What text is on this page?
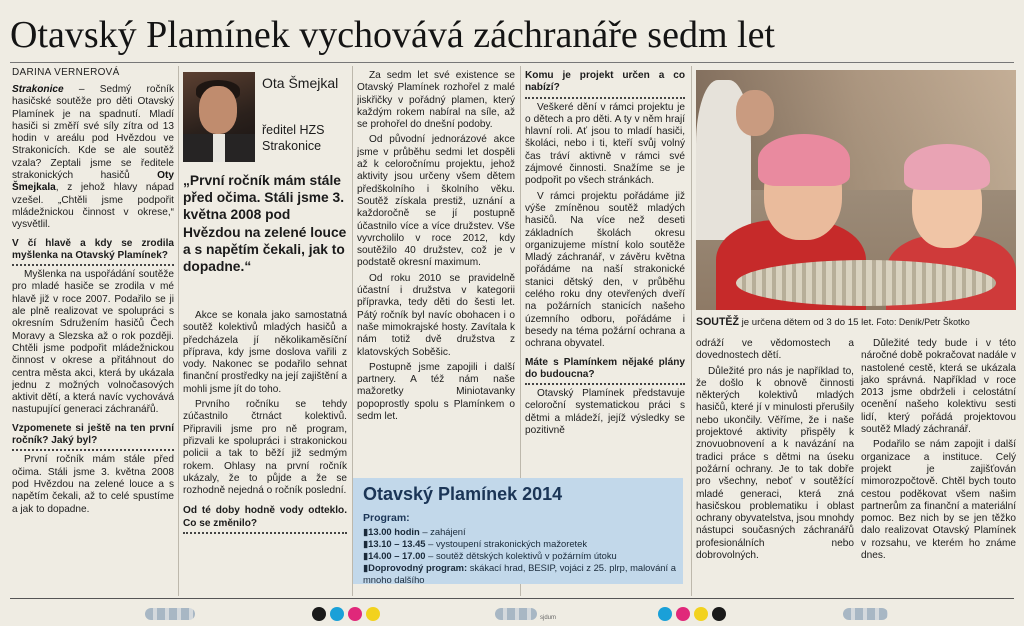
Otavský Plamínek vychovává záchranáře sedm let
DARINA VERNEROVÁ

Strakonice – Sedmý ročník hasičské soutěže pro děti Otavský Plamínek je na spadnutí. Mladí hasiči si změří své síly zítra od 13 hodin v areálu pod Hvězdou ve Strakonicích. Kde se ale soutěž vzala? Zeptali jsme se ředitele strakonických hasičů Oty Šmejkala, z jehož hlavy nápad vzešel. „Chtěli jsme podpořit mládežnickou činnost v okrese,“ vysvětlil.

V čí hlavě a kdy se zrodila myšlenka na Otavský Plamínek?

Myšlenka na uspořádání soutěže pro mladé hasiče se zrodila v mé hlavě již v roce 2007. Podařilo se ji ale plně realizovat ve spolupráci s okresním Sdružením hasičů Čech Moravy a Slezska až o rok později. Chtěli jsme podpořit mládežnickou činnost v okrese a přitáhnout do centra města akci, která by ukázala jednu z možných volnočasových aktivit dětí, a která navíc vychovává nastupující generaci záchranářů.

Vzpomenete si ještě na ten první ročník? Jaký byl?

První ročník mám stále před očima. Stáli jsme 3. května 2008 pod Hvězdou na zelené louce a s napětím čekali, až to celé spustíme a jak to dopadne.

Ota Šmejkal
ředitel HZS Strakonice
„První ročník mám stále před očima. Stáli jsme 3. května 2008 pod Hvězdou na zelené louce a s napětím čekali, jak to dopadne.“

Akce se konala jako samostatná soutěž kolektivů mladých hasičů a předcházela jí několikaměsíční příprava, kdy jsme doslova vařili z vody. Nakonec se podařilo sehnat finanční prostředky na její zajištění a mohli jsme jít do toho.

Prvního ročníku se tehdy zúčastnilo čtrnáct kolektivů. Připravili jsme pro ně program, přizvali ke spolupráci i strakonickou policii a tak to běží již sedmým rokem. Ohlasy na první ročník ukázaly, že to půjde a že se rozhodně nejedná o ročník poslední.

Od té doby hodně vody odteklo. Co se změnilo?

Za sedm let své existence se Otavský Plamínek rozhořel z malé jiskřičky v pořádný plamen, který každým rokem nabíral na síle, až se prohořel do dnešní podoby.

Od původní jednorázové akce jsme v průběhu sedmi let dospěli až k celoročnímu projektu, jehož aktivity jsou určeny všem dětem předškolního i školního věku. Soutěž získala prestiž, uznání a každoročně se jí postupně účastnilo více a více družstev. Vše vyvrcholilo v roce 2012, kdy soutěžilo 40 družstev, což je v podstatě okresní maximum.

Od roku 2010 se pravidelně účastní i družstva v kategorii přípravka, tedy děti do šesti let. Pátý ročník byl navíc obohacen i o naše mimokrajské hosty. Zavítala k nám totiž dvě družstva z klatovských Soběšic.

Postupně jsme zapojili i další partnery. A též nám naše mažoretky Miniotavanky popoprostly spolu s Plamínkem o sedm let.

Komu je projekt určen a co nabízí?

Veškeré dění v rámci projektu je o dětech a pro děti. A ty v něm hrají hlavní roli. Ať jsou to mladí hasiči, školáci, nebo i ti, kteří svůj volný čas tráví aktivně v rámci své zájmové činnosti. Snažíme se je podpořit po všech stránkách.

V rámci projektu pořádáme již výše zmíněnou soutěž mladých hasičů. Na více než deseti základních školách okresu organizujeme místní kolo soutěže Mladý záchranář, v závěru května pořádáme na naší strakonické stanici dětský den, v průběhu celého roku dny otevřených dveří na požárních stanicích našeho územního odboru, pořádáme i besedy na téma požární ochrana a ochrana obyvatel.

Máte s Plamínkem nějaké plány do budoucna?

Otavský Plamínek představuje celoroční systematickou práci s dětmi a mládeží, jejíž výsledky se pozitivně

Otavský Plamínek 2014
Program:
▮13.00 hodin – zahájení
▮13.10 – 13.45 – vystoupení strakonických mažoretek
▮14.00 – 17.00 – soutěž dětských kolektivů v požárním útoku
▮Doprovodný program: skákací hrad, BESIP, vojáci z 25. plrp, malování a mnoho dalšího
SOUTĚŽ je určena dětem od 3 do 15 let. Foto: Deník/Petr Škotko

odráží ve vědomostech a dovednostech dětí.

Důležité pro nás je například to, že došlo k obnově činnosti některých kolektivů mladých hasičů, které jí v minulosti přerušily nebo ukončily. Věříme, že i naše projektové aktivity přispěly k znovuobnovení a k navázání na tradici práce s dětmi na úseku požární ochrany. Je to tak dobře pro všechny, neboť v soutěžící mladé generaci, která zná hasičskou problematiku i oblast ochrany obyvatelstva, jsou mnohdy nástupci současných záchranářů profesionálních nebo dobrovolných.

Důležité tedy bude i v této náročné době pokračovat nadále v nastolené cestě, která se ukázala jako správná. Například v roce 2013 jsme obdrželi i celostátní ocenění našeho kolektivu sesti lidí, který pořádá projektovou soutěž Mladý záchranář.

Podařilo se nám zapojit i další organizace a instituce. Celý projekt je zajišťován mimorozpočtově. Chtěl bych touto cestou poděkovat všem našim partnerům za finanční a materiální pomoc. Bez nich by se jen těžko dalo realizovat Otavský Plamínek v rozsahu, ve kterém ho známe dnes.

sjdum
